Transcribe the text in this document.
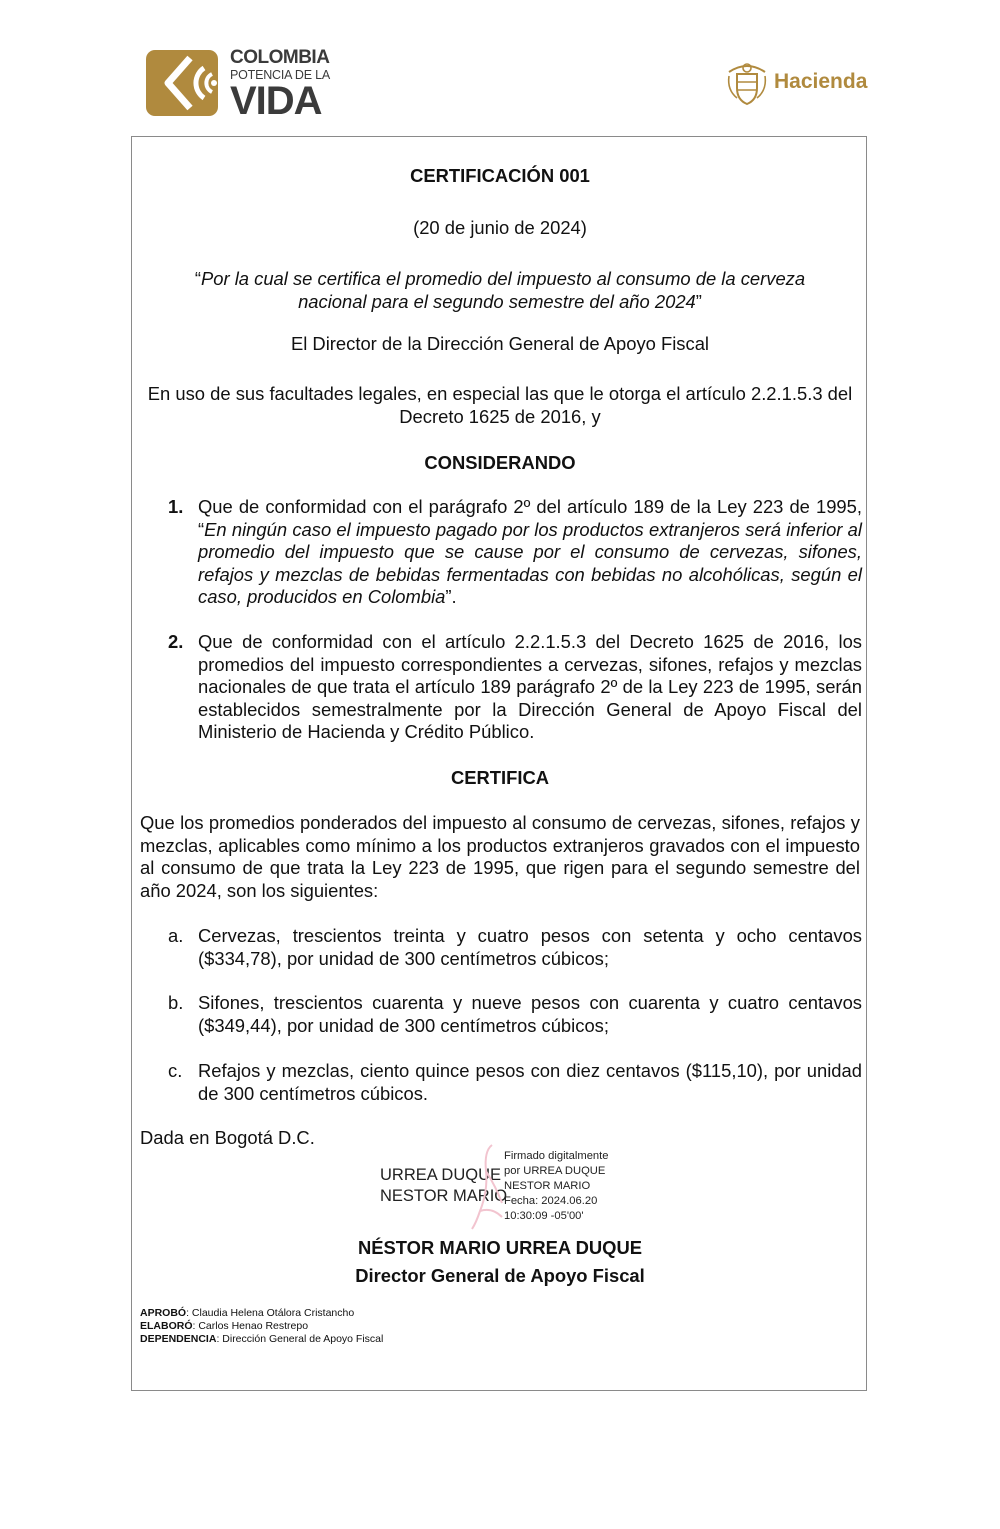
COLOMBIA
POTENCIA DE LA
VIDA	Hacienda
CERTIFICACIÓN 001
(20 de junio de 2024)
“Por la cual se certifica el promedio del impuesto al consumo de la cerveza nacional para el segundo semestre del año 2024”
El Director de la Dirección General de Apoyo Fiscal
En uso de sus facultades legales, en especial las que le otorga el artículo 2.2.1.5.3 del Decreto 1625 de 2016, y
CONSIDERANDO
1. Que de conformidad con el parágrafo 2º del artículo 189 de la Ley 223 de 1995, “En ningún caso el impuesto pagado por los productos extranjeros será inferior al promedio del impuesto que se cause por el consumo de cervezas, sifones, refajos y mezclas de bebidas fermentadas con bebidas no alcohólicas, según el caso, producidos en Colombia”.
2. Que de conformidad con el artículo 2.2.1.5.3 del Decreto 1625 de 2016, los promedios del impuesto correspondientes a cervezas, sifones, refajos y mezclas nacionales de que trata el artículo 189 parágrafo 2º de la Ley 223 de 1995, serán establecidos semestralmente por la Dirección General de Apoyo Fiscal del Ministerio de Hacienda y Crédito Público.
CERTIFICA
Que los promedios ponderados del impuesto al consumo de cervezas, sifones, refajos y mezclas, aplicables como mínimo a los productos extranjeros gravados con el impuesto al consumo de que trata la Ley 223 de 1995, que rigen para el segundo semestre del año 2024, son los siguientes:
a. Cervezas, trescientos treinta y cuatro pesos con setenta y ocho centavos ($334,78), por unidad de 300 centímetros cúbicos;
b. Sifones, trescientos cuarenta y nueve pesos con cuarenta y cuatro centavos ($349,44), por unidad de 300 centímetros cúbicos;
c. Refajos y mezclas, ciento quince pesos con diez centavos ($115,10), por unidad de 300 centímetros cúbicos.
Dada en Bogotá D.C.
URREA DUQUE
NESTOR MARIO
Firmado digitalmente
por URREA DUQUE
NESTOR MARIO
Fecha: 2024.06.20
10:30:09 -05'00'
NÉSTOR MARIO URREA DUQUE
Director General de Apoyo Fiscal
APROBÓ: Claudia Helena Otálora Cristancho
ELABORÓ: Carlos Henao Restrepo
DEPENDENCIA: Dirección General de Apoyo Fiscal
